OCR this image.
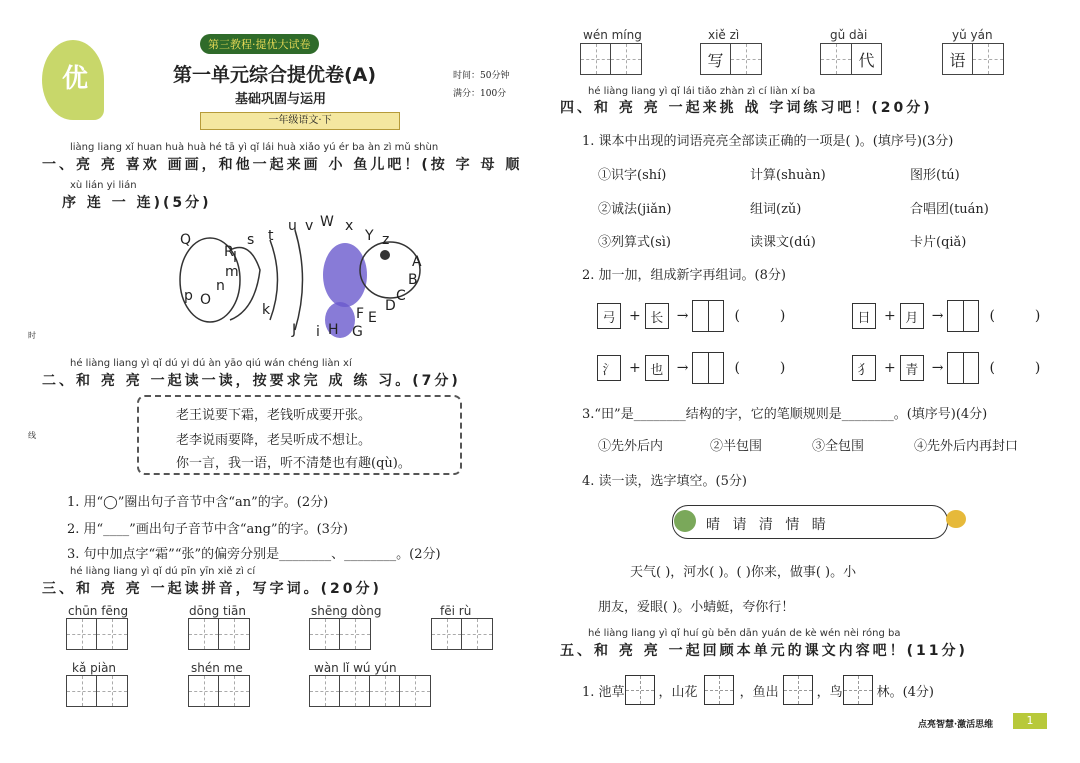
优
第三教程·提优大试卷
第一单元综合提优卷(A)
基础巩固与运用
一年级语文·下
时间：50分钟
满分：100分
liàng liang xǐ huan huà huà hé tā yì qǐ lái huà xiǎo yú ér ba àn zì mǔ shùn
一、亮 亮 喜欢 画画，和他一起来画 小 鱼儿吧！(按 字 母 顺
xù lián yi lián
序 连 一 连)(5分)
Q
R
s t
u v W x
Y z
A
m
l
n
p O
k
J i H G
F E
D
C
B
时
线
hé liàng liang yì qǐ dú yi dú àn yāo qiú wán chéng liàn xí
二、和 亮 亮 一起读一读，按要求完 成 练 习。(7分)
老王说要下霜，老钱听成要开张。
老李说雨要降，老吴听成不想让。
你一言，我一语，听不清楚也有趣(qù)。
1. 用“◯”圈出句子音节中含“an”的字。(2分)
2. 用“____”画出句子音节中含“ang”的字。(3分)
3. 句中加点字“霜”“张”的偏旁分别是________、________。(2分)
hé liàng liang yì qǐ dú pīn yīn xiě zì cí
三、和 亮 亮 一起读拼音，写字词。(20分)
chūn fēng	dōng tiān	shēng dòng	fēi rù
kǎ piàn	shén me	wàn lǐ wú yún
wén míng	xiě zì
写
gǔ dài
代
yǔ yán
语
hé liàng liang yì qǐ lái tiǎo zhàn zì cí liàn xí ba
四、和 亮 亮 一起来挑 战 字词练习吧！(20分)
1. 课本中出现的词语亮亮全部读正确的一项是( )。(填序号)(3分)
①识字(shí)	计算(shuàn)	图形(tú)
②诚法(jiǎn)	组词(zǔ)	合唱团(tuán)
③列算式(sì)	读课文(dú)	卡片(qiǎ)
2. 加一加，组成新字再组词。(8分)
弓 + 长 →	()	日 + 月 →	()
氵 + 也 →	()	犭 + 青 →	()
3.“田”是________结构的字，它的笔顺规则是________。(填序号)(4分)
①先外后内	②半包围	③全包围	④先外后内再封口
4. 读一读，选字填空。(5分)
晴 请 清 情 睛
天气( )，河水( )。( )你来，做事( )。小
朋友，爱眼( )。小蜻蜓，夸你行！
hé liàng liang yì qǐ huí gù běn dān yuán de kè wén nèi róng ba
五、和 亮 亮 一起回顾本单元的课文内容吧！(11分)
1. 池草	，山花	，鱼出	，鸟	林。(4分)
点亮智慧·激活思维	1
